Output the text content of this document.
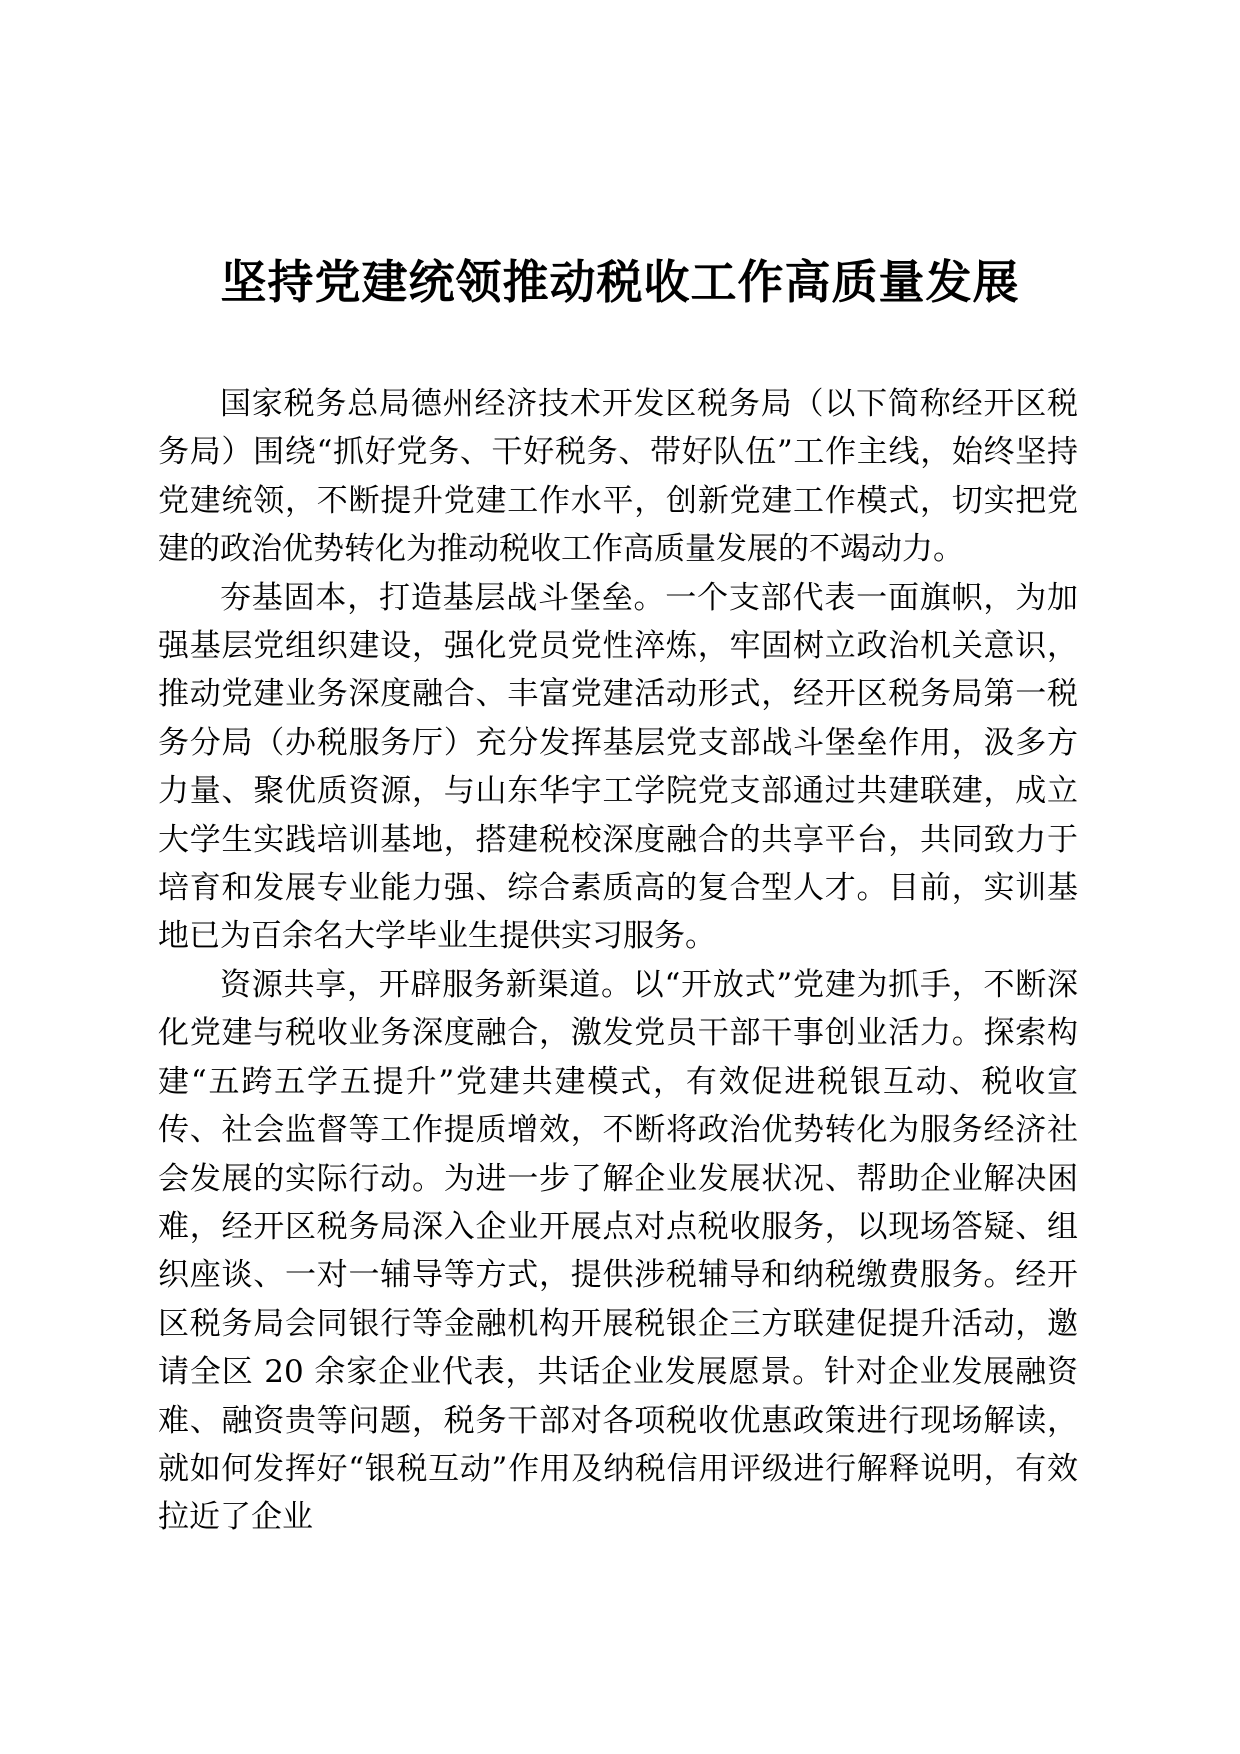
坚持党建统领推动税收工作高质量发展

国家税务总局德州经济技术开发区税务局（以下简称经开区税务局）围绕“抓好党务、干好税务、带好队伍”工作主线，始终坚持党建统领，不断提升党建工作水平，创新党建工作模式，切实把党建的政治优势转化为推动税收工作高质量发展的不竭动力。

夯基固本，打造基层战斗堡垒。一个支部代表一面旗帜，为加强基层党组织建设，强化党员党性淬炼，牢固树立政治机关意识，推动党建业务深度融合、丰富党建活动形式，经开区税务局第一税务分局（办税服务厅）充分发挥基层党支部战斗堡垒作用，汲多方力量、聚优质资源，与山东华宇工学院党支部通过共建联建，成立大学生实践培训基地，搭建税校深度融合的共享平台，共同致力于培育和发展专业能力强、综合素质高的复合型人才。目前，实训基地已为百余名大学毕业生提供实习服务。

资源共享，开辟服务新渠道。以“开放式”党建为抓手，不断深化党建与税收业务深度融合，激发党员干部干事创业活力。探索构建“五跨五学五提升”党建共建模式，有效促进税银互动、税收宣传、社会监督等工作提质增效，不断将政治优势转化为服务经济社会发展的实际行动。为进一步了解企业发展状况、帮助企业解决困难，经开区税务局深入企业开展点对点税收服务，以现场答疑、组织座谈、一对一辅导等方式，提供涉税辅导和纳税缴费服务。经开区税务局会同银行等金融机构开展税银企三方联建促提升活动，邀请全区 20 余家企业代表，共话企业发展愿景。针对企业发展融资难、融资贵等问题，税务干部对各项税收优惠政策进行现场解读，就如何发挥好“银税互动”作用及纳税信用评级进行解释说明，有效拉近了企业
